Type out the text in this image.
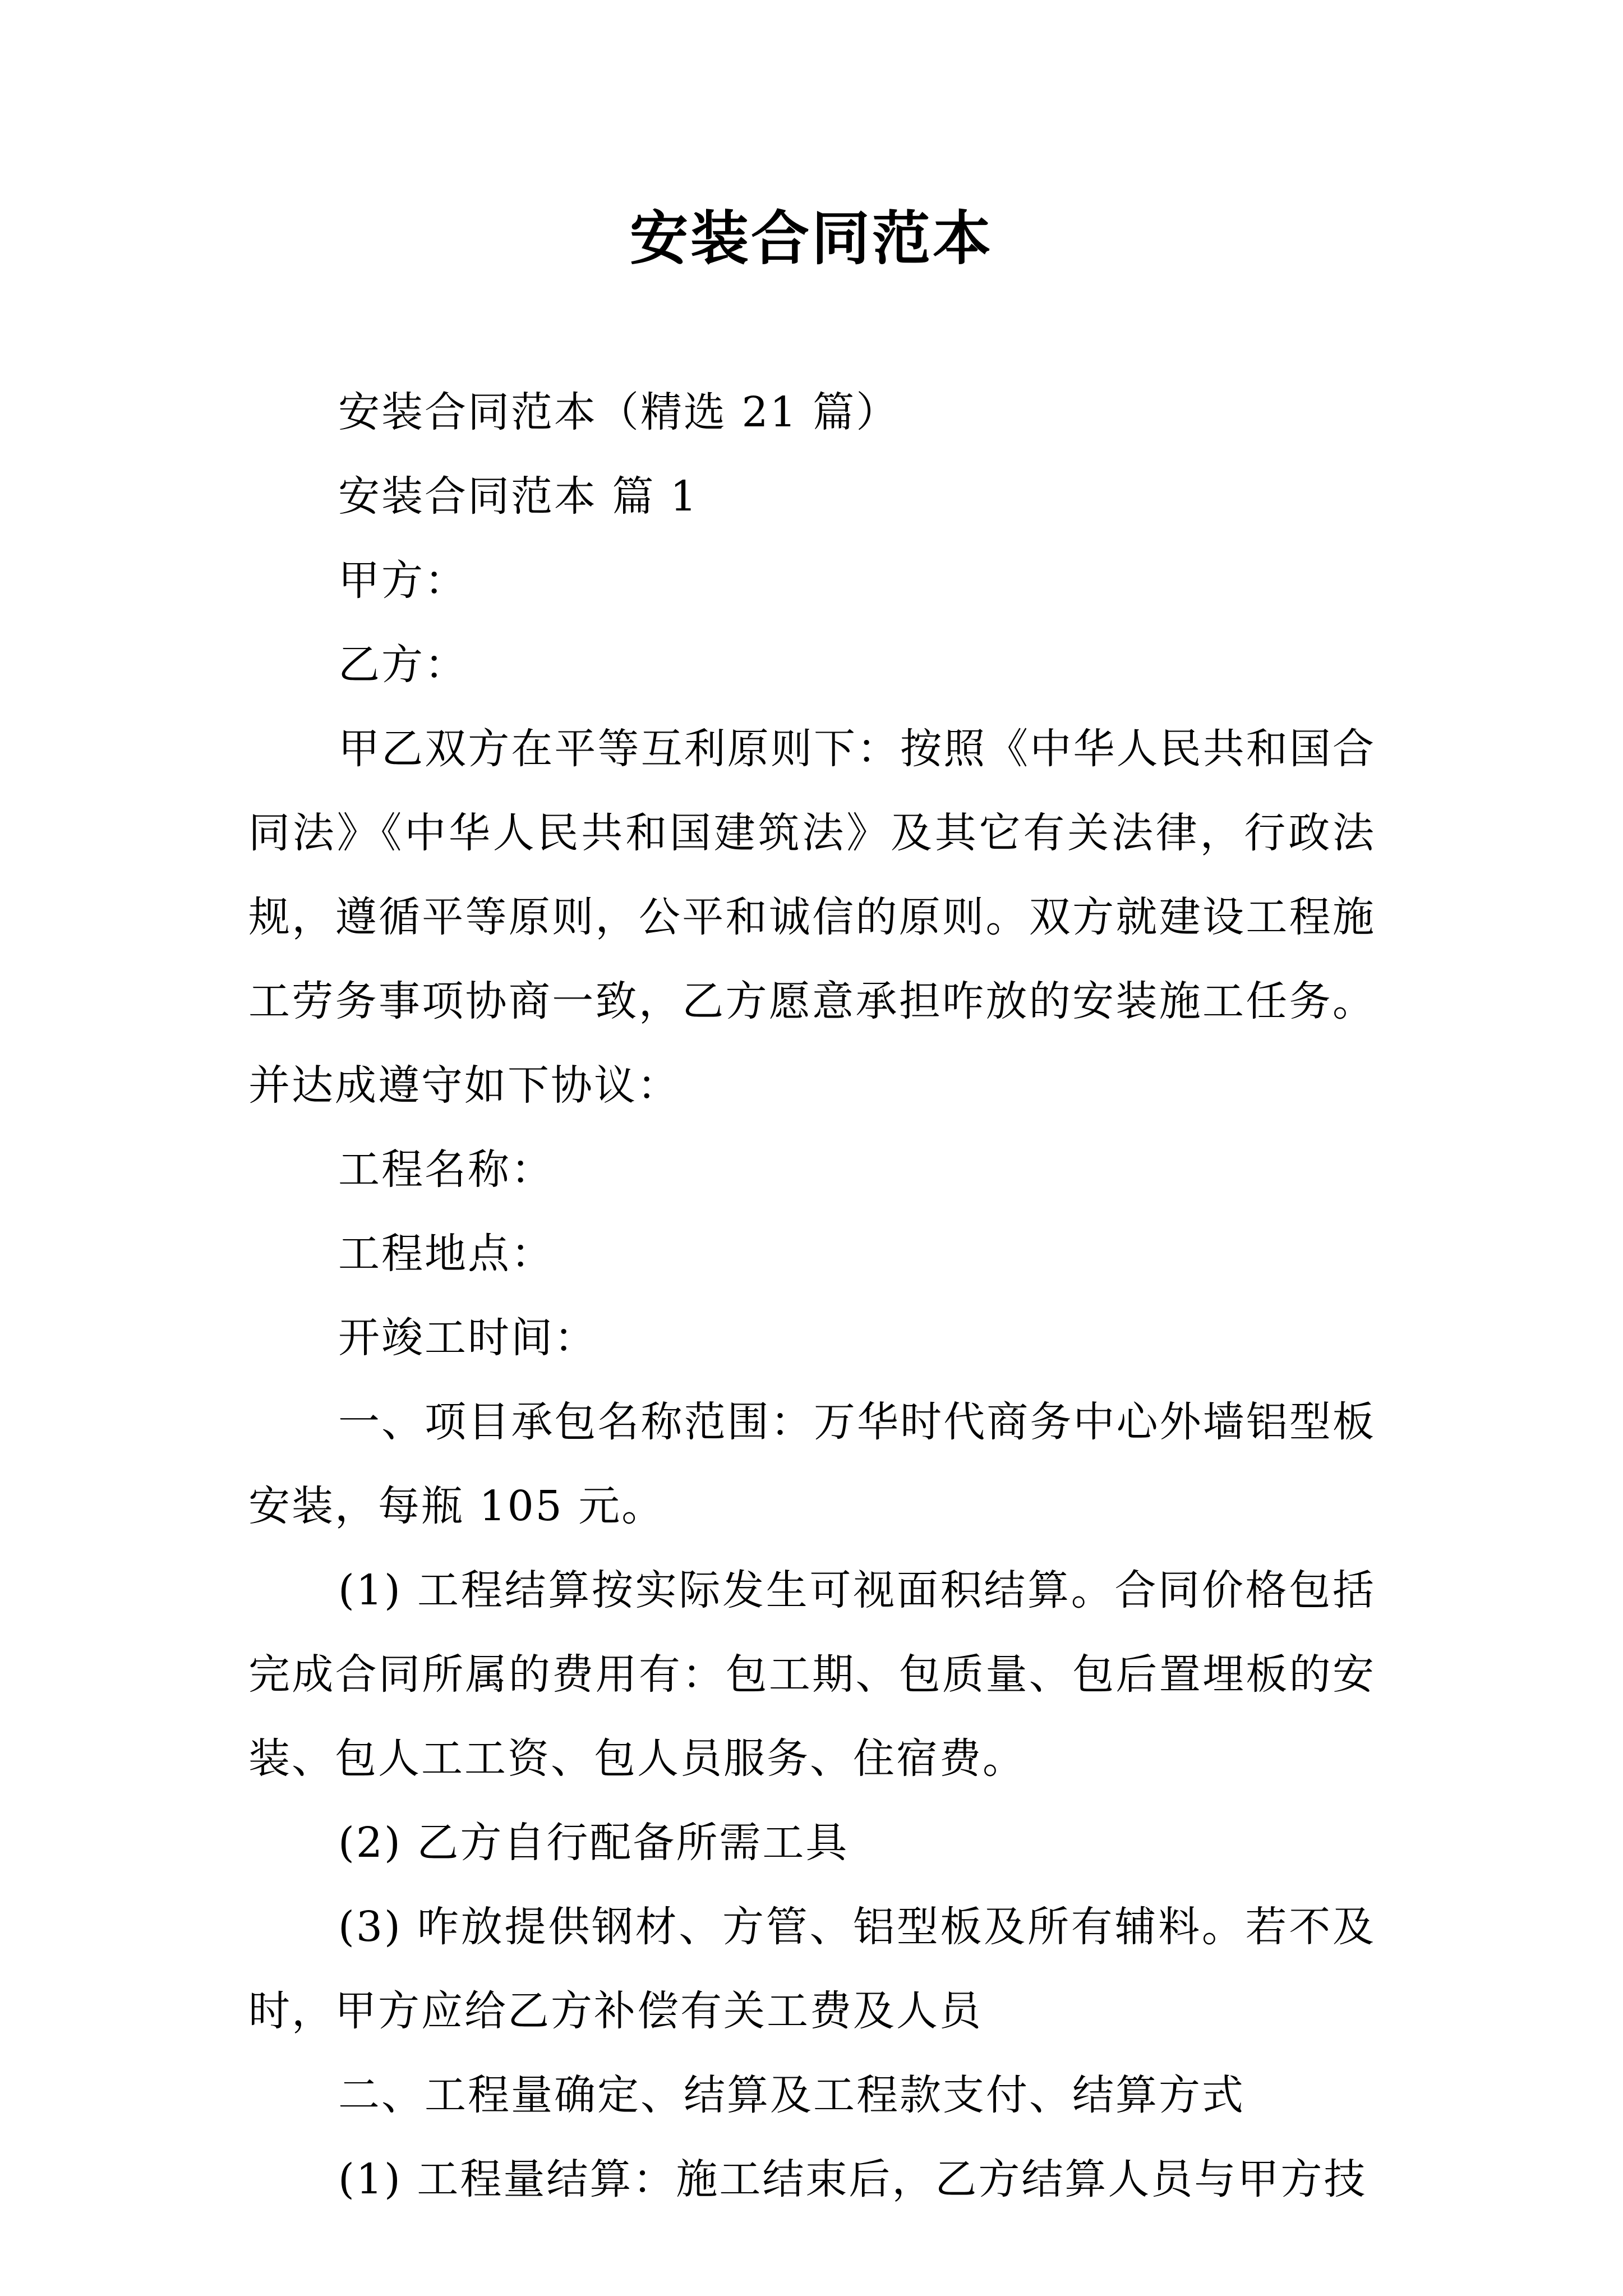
安装合同范本

安装合同范本（精选 21 篇）

安装合同范本 篇 1

甲方：

乙方：

甲乙双方在平等互利原则下：按照《中华人民共和国合同法》《中华人民共和国建筑法》及其它有关法律，行政法规，遵循平等原则，公平和诚信的原则。双方就建设工程施工劳务事项协商一致，乙方愿意承担咋放的安装施工任务。并达成遵守如下协议：

工程名称：

工程地点：

开竣工时间：

一、项目承包名称范围：万华时代商务中心外墙铝型板安装，每瓶 105 元。

(1) 工程结算按实际发生可视面积结算。合同价格包括完成合同所属的费用有：包工期、包质量、包后置埋板的安装、包人工工资、包人员服务、住宿费。

(2) 乙方自行配备所需工具

(3) 咋放提供钢材、方管、铝型板及所有辅料。若不及时，甲方应给乙方补偿有关工费及人员

二、工程量确定、结算及工程款支付、结算方式

(1) 工程量结算：施工结束后，乙方结算人员与甲方技
